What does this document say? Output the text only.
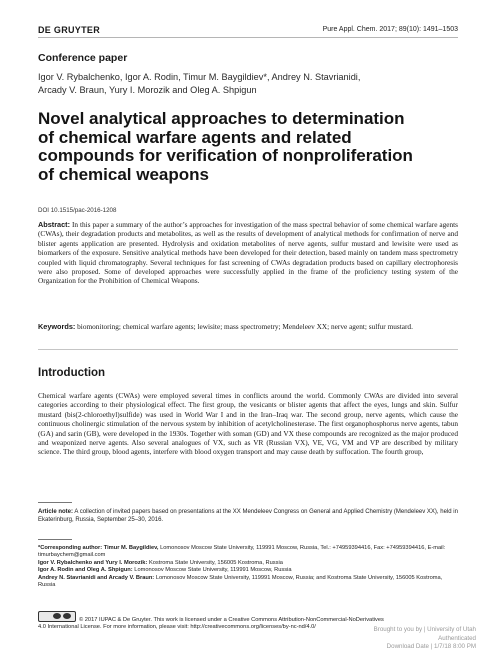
DE GRUYTER	Pure Appl. Chem. 2017; 89(10): 1491–1503
Conference paper
Igor V. Rybalchenko, Igor A. Rodin, Timur M. Baygildiev*, Andrey N. Stavrianidi,
Arcady V. Braun, Yury I. Morozik and Oleg A. Shpigun
Novel analytical approaches to determination
of chemical warfare agents and related
compounds for verification of nonproliferation
of chemical weapons
DOI 10.1515/pac-2016-1208
Abstract: In this paper a summary of the author’s approaches for investigation of the mass spectral behavior of some chemical warfare agents (CWAs), their degradation products and metabolites, as well as the results of development of analytical methods for confirmation of nerve and blister agents application are presented. Hydrolysis and oxidation metabolites of nerve agents, sulfur mustard and lewisite were used as biomarkers of the exposure. Sensitive analytical methods have been developed for their detection, based mainly on tandem mass spectrometry coupled with liquid chromatography. Several techniques for fast screening of CWAs degradation products based on capillary electrophoresis were also proposed. Some of developed approaches were successfully applied in the frame of the proficiency testing system of the Organization for the Prohibition of Chemical Weapons.
Keywords: biomonitoring; chemical warfare agents; lewisite; mass spectrometry; Mendeleev XX; nerve agent; sulfur mustard.
Introduction
Chemical warfare agents (CWAs) were employed several times in conflicts around the world. Commonly CWAs are divided into several categories according to their physiological effect. The first group, the vesicants or blister agents that affect the eyes, lungs and skin. Sulfur mustard (bis(2-chloroethyl)sulfide) was used in World War I and in the Iran–Iraq war. The second group, nerve agents, which cause the continuous cholinergic stimulation of the nervous system by inhibition of acetylcholinesterase. The first organophosphorus nerve agents, tabun (GA) and sarin (GB), were developed in the 1930s. Together with soman (GD) and VX these compounds are recognized as the major produced and weaponized nerve agents. Also several analogues of VX, such as VR (Russian VX), VE, VG, VM and VP are described by military science. The third group, blood agents, interfere with blood oxygen transport and may cause death by suffocation. The fourth group,
Article note: A collection of invited papers based on presentations at the XX Mendeleev Congress on General and Applied Chemistry (Mendeleev XX), held in Ekaterinburg, Russia, September 25–30, 2016.
*Corresponding author: Timur M. Baygildiev, Lomonosov Moscow State University, 119991 Moscow, Russia, Tel.: +74959394416, Fax: +74959394416, E-mail: timurbaychem@gmail.com
Igor V. Rybalchenko and Yury I. Morozik: Kostroma State University, 156005 Kostroma, Russia
Igor A. Rodin and Oleg A. Shpigun: Lomonosov Moscow State University, 119991 Moscow, Russia
Andrey N. Stavrianidi and Arcady V. Braun: Lomonosov Moscow State University, 119991 Moscow, Russia; and Kostroma State University, 156005 Kostroma, Russia
© 2017 IUPAC & De Gruyter. This work is licensed under a Creative Commons Attribution-NonCommercial-NoDerivatives
4.0 International License. For more information, please visit: http://creativecommons.org/licenses/by-nc-nd/4.0/	Brought to you by | University of Utah
Authenticated
Download Date | 1/7/18 8:00 PM
